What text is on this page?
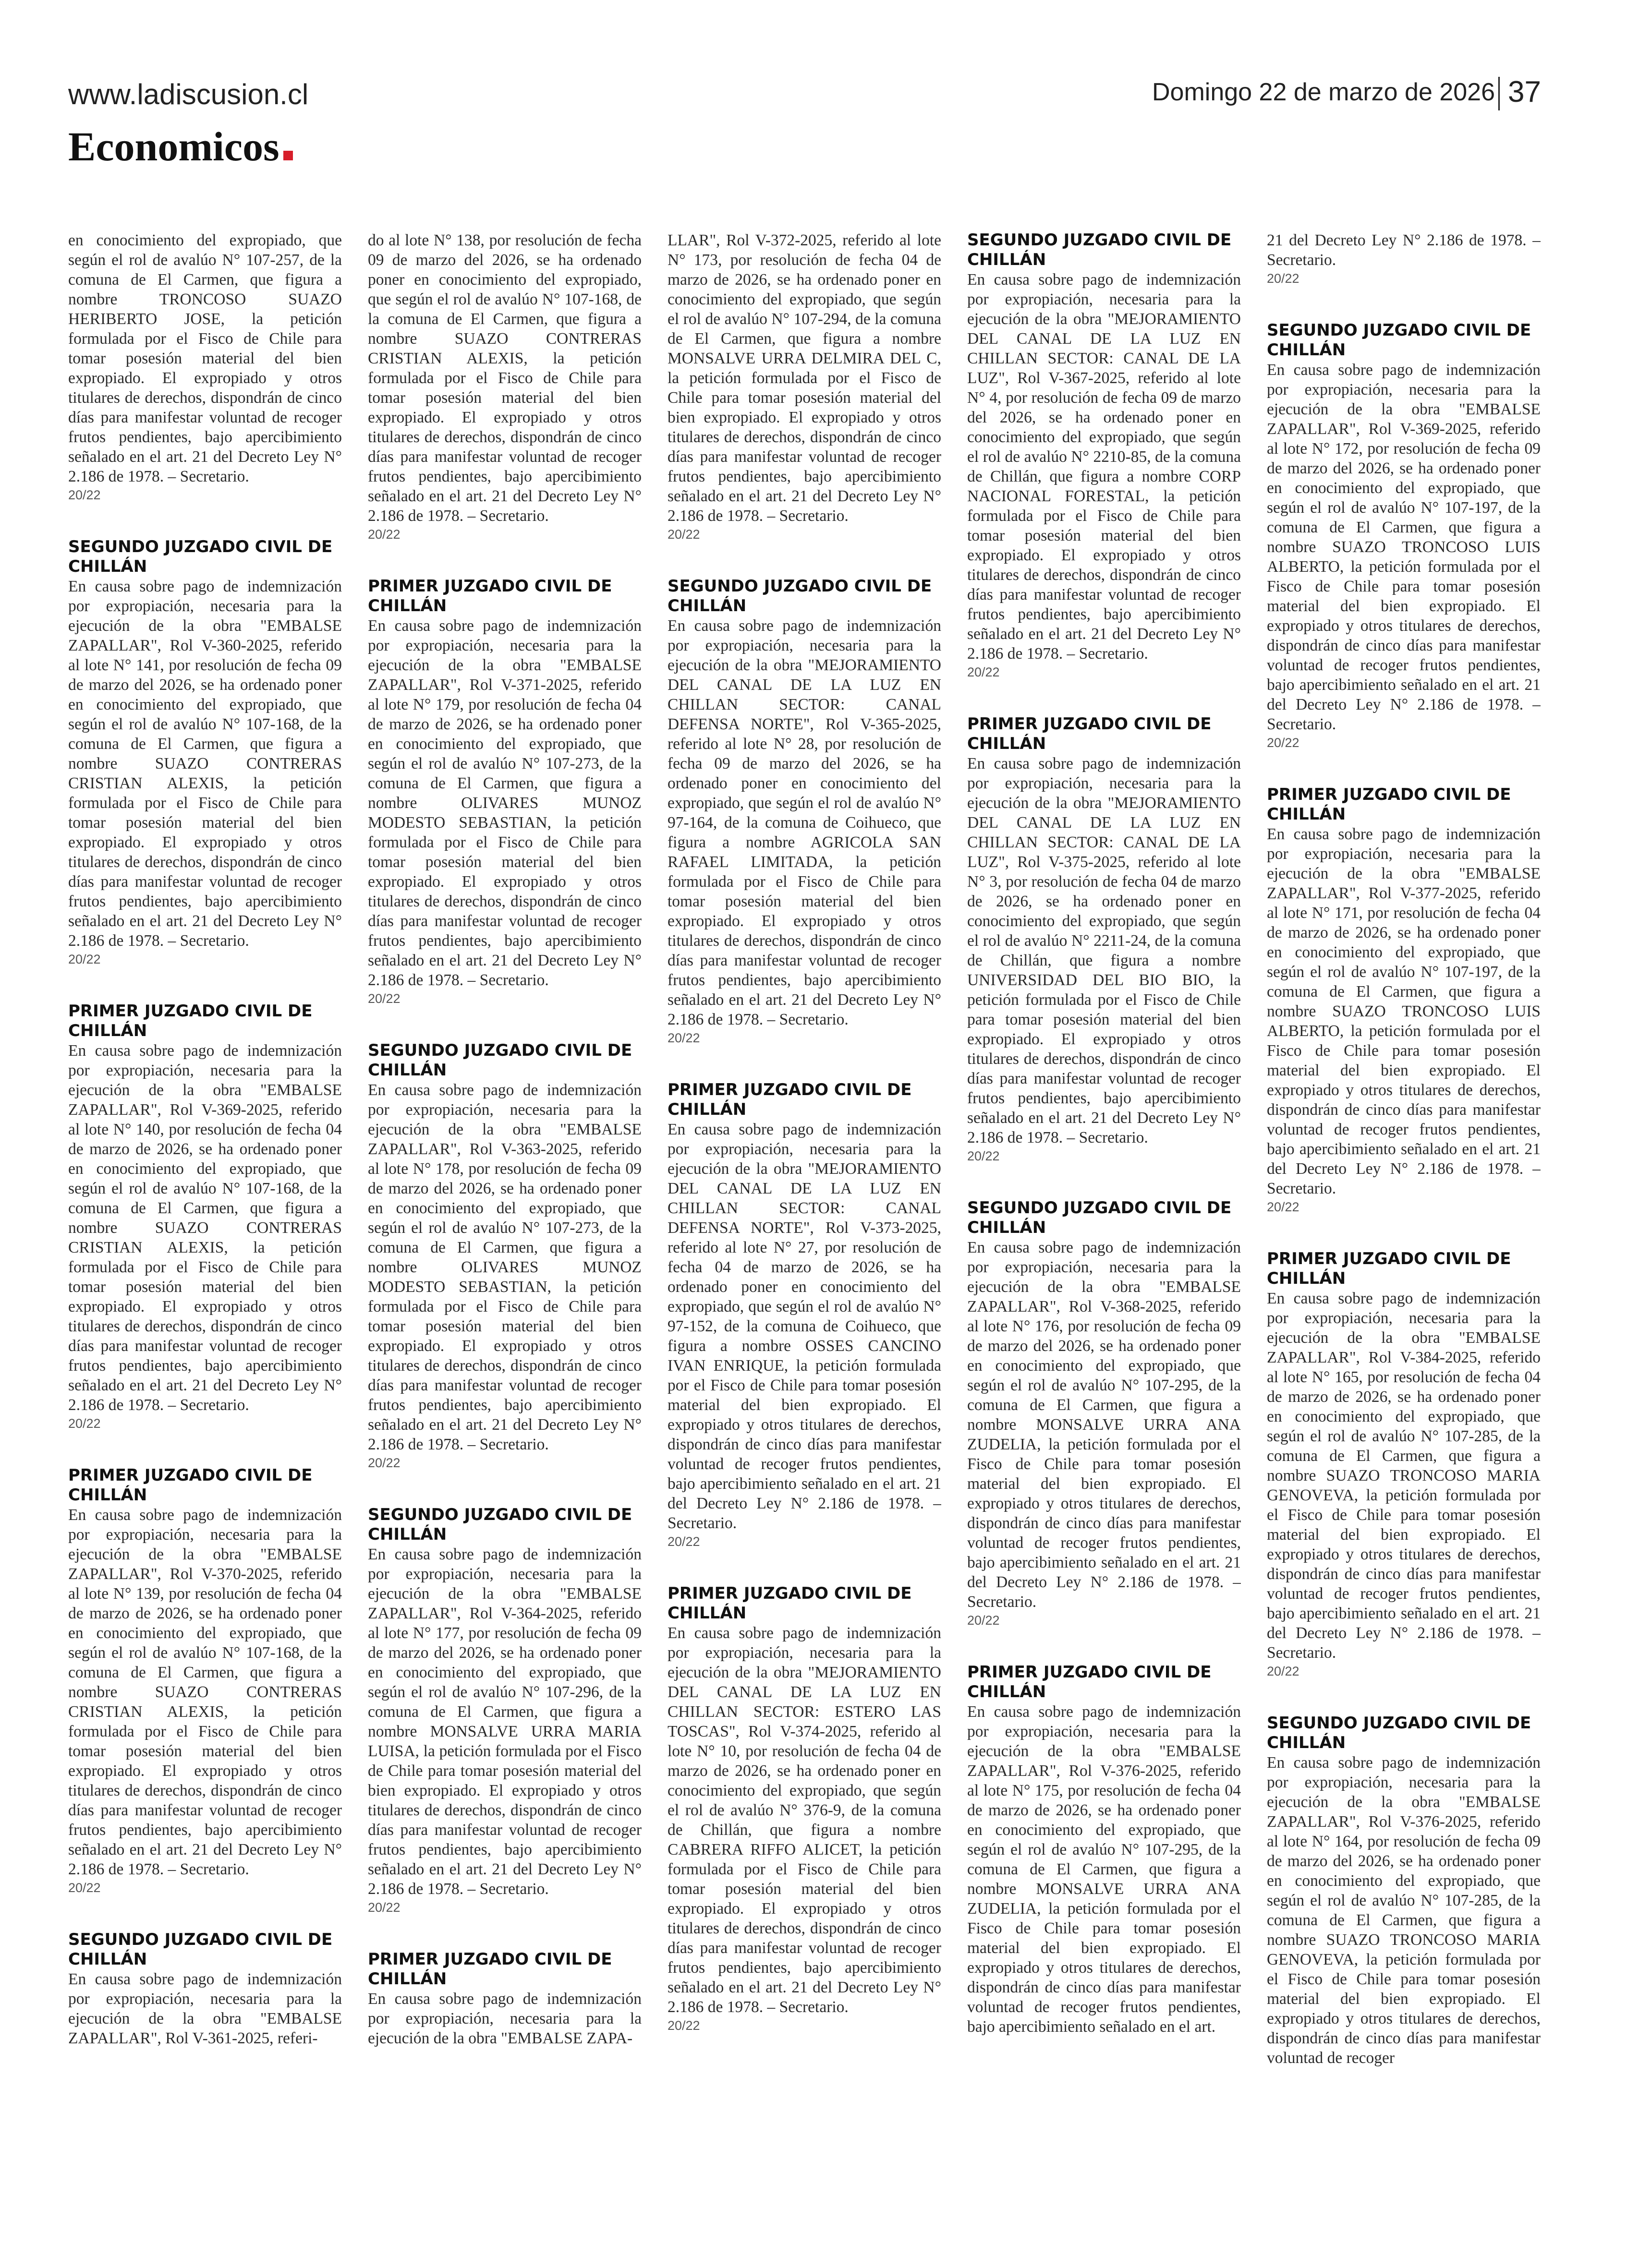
www.ladiscusion.cl	Domingo 22 de marzo de 2026 37
Economicos
en conocimiento del expropiado, que según el rol de avalúo N° 107-257, de la comuna de El Carmen, que figura a nombre TRONCOSO SUAZO HERIBERTO JOSE, la petición formulada por el Fisco de Chile para tomar posesión material del bien expropiado. El expropiado y otros titulares de derechos, dispondrán de cinco días para manifestar voluntad de recoger frutos pendientes, bajo apercibimiento señalado en el art. 21 del Decreto Ley N° 2.186 de 1978. – Secretario.
20/22
SEGUNDO JUZGADO CIVIL DE CHILLÁN
En causa sobre pago de indemnización por expropiación, necesaria para la ejecución de la obra "EMBALSE ZAPALLAR", Rol V-360-2025, referido al lote N° 141, por resolución de fecha 09 de marzo del 2026, se ha ordenado poner en conocimiento del expropiado, que según el rol de avalúo N° 107-168, de la comuna de El Carmen, que figura a nombre SUAZO CONTRERAS CRISTIAN ALEXIS, la petición formulada por el Fisco de Chile para tomar posesión material del bien expropiado. El expropiado y otros titulares de derechos, dispondrán de cinco días para manifestar voluntad de recoger frutos pendientes, bajo apercibimiento señalado en el art. 21 del Decreto Ley N° 2.186 de 1978. – Secretario.
20/22
PRIMER JUZGADO CIVIL DE CHILLÁN
En causa sobre pago de indemnización por expropiación, necesaria para la ejecución de la obra "EMBALSE ZAPALLAR", Rol V-369-2025, referido al lote N° 140, por resolución de fecha 04 de marzo de 2026, se ha ordenado poner en conocimiento del expropiado, que según el rol de avalúo N° 107-168, de la comuna de El Carmen, que figura a nombre SUAZO CONTRERAS CRISTIAN ALEXIS, la petición formulada por el Fisco de Chile para tomar posesión material del bien expropiado. El expropiado y otros titulares de derechos, dispondrán de cinco días para manifestar voluntad de recoger frutos pendientes, bajo apercibimiento señalado en el art. 21 del Decreto Ley N° 2.186 de 1978. – Secretario.
20/22
PRIMER JUZGADO CIVIL DE CHILLÁN
En causa sobre pago de indemnización por expropiación, necesaria para la ejecución de la obra "EMBALSE ZAPALLAR", Rol V-370-2025, referido al lote N° 139, por resolución de fecha 04 de marzo de 2026, se ha ordenado poner en conocimiento del expropiado, que según el rol de avalúo N° 107-168, de la comuna de El Carmen, que figura a nombre SUAZO CONTRERAS CRISTIAN ALEXIS, la petición formulada por el Fisco de Chile para tomar posesión material del bien expropiado. El expropiado y otros titulares de derechos, dispondrán de cinco días para manifestar voluntad de recoger frutos pendientes, bajo apercibimiento señalado en el art. 21 del Decreto Ley N° 2.186 de 1978. – Secretario.
20/22
SEGUNDO JUZGADO CIVIL DE CHILLÁN
En causa sobre pago de indemnización por expropiación, necesaria para la ejecución de la obra "EMBALSE ZAPALLAR", Rol V-361-2025, referi-
do al lote N° 138, por resolución de fecha 09 de marzo del 2026, se ha ordenado poner en conocimiento del expropiado, que según el rol de avalúo N° 107-168, de la comuna de El Carmen, que figura a nombre SUAZO CONTRERAS CRISTIAN ALEXIS, la petición formulada por el Fisco de Chile para tomar posesión material del bien expropiado. El expropiado y otros titulares de derechos, dispondrán de cinco días para manifestar voluntad de recoger frutos pendientes, bajo apercibimiento señalado en el art. 21 del Decreto Ley N° 2.186 de 1978. – Secretario.
20/22
PRIMER JUZGADO CIVIL DE CHILLÁN
En causa sobre pago de indemnización por expropiación, necesaria para la ejecución de la obra "EMBALSE ZAPALLAR", Rol V-371-2025, referido al lote N° 179, por resolución de fecha 04 de marzo de 2026, se ha ordenado poner en conocimiento del expropiado, que según el rol de avalúo N° 107-273, de la comuna de El Carmen, que figura a nombre OLIVARES MUNOZ MODESTO SEBASTIAN, la petición formulada por el Fisco de Chile para tomar posesión material del bien expropiado. El expropiado y otros titulares de derechos, dispondrán de cinco días para manifestar voluntad de recoger frutos pendientes, bajo apercibimiento señalado en el art. 21 del Decreto Ley N° 2.186 de 1978. – Secretario.
20/22
SEGUNDO JUZGADO CIVIL DE CHILLÁN
En causa sobre pago de indemnización por expropiación, necesaria para la ejecución de la obra "EMBALSE ZAPALLAR", Rol V-363-2025, referido al lote N° 178, por resolución de fecha 09 de marzo del 2026, se ha ordenado poner en conocimiento del expropiado, que según el rol de avalúo N° 107-273, de la comuna de El Carmen, que figura a nombre OLIVARES MUNOZ MODESTO SEBASTIAN, la petición formulada por el Fisco de Chile para tomar posesión material del bien expropiado. El expropiado y otros titulares de derechos, dispondrán de cinco días para manifestar voluntad de recoger frutos pendientes, bajo apercibimiento señalado en el art. 21 del Decreto Ley N° 2.186 de 1978. – Secretario.
20/22
SEGUNDO JUZGADO CIVIL DE CHILLÁN
En causa sobre pago de indemnización por expropiación, necesaria para la ejecución de la obra "EMBALSE ZAPALLAR", Rol V-364-2025, referido al lote N° 177, por resolución de fecha 09 de marzo del 2026, se ha ordenado poner en conocimiento del expropiado, que según el rol de avalúo N° 107-296, de la comuna de El Carmen, que figura a nombre MONSALVE URRA MARIA LUISA, la petición formulada por el Fisco de Chile para tomar posesión material del bien expropiado. El expropiado y otros titulares de derechos, dispondrán de cinco días para manifestar voluntad de recoger frutos pendientes, bajo apercibimiento señalado en el art. 21 del Decreto Ley N° 2.186 de 1978. – Secretario.
20/22
PRIMER JUZGADO CIVIL DE CHILLÁN
En causa sobre pago de indemnización por expropiación, necesaria para la ejecución de la obra "EMBALSE ZAPA-
LLAR", Rol V-372-2025, referido al lote N° 173, por resolución de fecha 04 de marzo de 2026, se ha ordenado poner en conocimiento del expropiado, que según el rol de avalúo N° 107-294, de la comuna de El Carmen, que figura a nombre MONSALVE URRA DELMIRA DEL C, la petición formulada por el Fisco de Chile para tomar posesión material del bien expropiado. El expropiado y otros titulares de derechos, dispondrán de cinco días para manifestar voluntad de recoger frutos pendientes, bajo apercibimiento señalado en el art. 21 del Decreto Ley N° 2.186 de 1978. – Secretario.
20/22
SEGUNDO JUZGADO CIVIL DE CHILLÁN
En causa sobre pago de indemnización por expropiación, necesaria para la ejecución de la obra "MEJORAMIENTO DEL CANAL DE LA LUZ EN CHILLAN SECTOR: CANAL DEFENSA NORTE", Rol V-365-2025, referido al lote N° 28, por resolución de fecha 09 de marzo del 2026, se ha ordenado poner en conocimiento del expropiado, que según el rol de avalúo N° 97-164, de la comuna de Coihueco, que figura a nombre AGRICOLA SAN RAFAEL LIMITADA, la petición formulada por el Fisco de Chile para tomar posesión material del bien expropiado. El expropiado y otros titulares de derechos, dispondrán de cinco días para manifestar voluntad de recoger frutos pendientes, bajo apercibimiento señalado en el art. 21 del Decreto Ley N° 2.186 de 1978. – Secretario.
20/22
PRIMER JUZGADO CIVIL DE CHILLÁN
En causa sobre pago de indemnización por expropiación, necesaria para la ejecución de la obra "MEJORAMIENTO DEL CANAL DE LA LUZ EN CHILLAN SECTOR: CANAL DEFENSA NORTE", Rol V-373-2025, referido al lote N° 27, por resolución de fecha 04 de marzo de 2026, se ha ordenado poner en conocimiento del expropiado, que según el rol de avalúo N° 97-152, de la comuna de Coihueco, que figura a nombre OSSES CANCINO IVAN ENRIQUE, la petición formulada por el Fisco de Chile para tomar posesión material del bien expropiado. El expropiado y otros titulares de derechos, dispondrán de cinco días para manifestar voluntad de recoger frutos pendientes, bajo apercibimiento señalado en el art. 21 del Decreto Ley N° 2.186 de 1978. – Secretario.
20/22
PRIMER JUZGADO CIVIL DE CHILLÁN
En causa sobre pago de indemnización por expropiación, necesaria para la ejecución de la obra "MEJORAMIENTO DEL CANAL DE LA LUZ EN CHILLAN SECTOR: ESTERO LAS TOSCAS", Rol V-374-2025, referido al lote N° 10, por resolución de fecha 04 de marzo de 2026, se ha ordenado poner en conocimiento del expropiado, que según el rol de avalúo N° 376-9, de la comuna de Chillán, que figura a nombre CABRERA RIFFO ALICET, la petición formulada por el Fisco de Chile para tomar posesión material del bien expropiado. El expropiado y otros titulares de derechos, dispondrán de cinco días para manifestar voluntad de recoger frutos pendientes, bajo apercibimiento señalado en el art. 21 del Decreto Ley N° 2.186 de 1978. – Secretario.
20/22
SEGUNDO JUZGADO CIVIL DE CHILLÁN
En causa sobre pago de indemnización por expropiación, necesaria para la ejecución de la obra "MEJORAMIENTO DEL CANAL DE LA LUZ EN CHILLAN SECTOR: CANAL DE LA LUZ", Rol V-367-2025, referido al lote N° 4, por resolución de fecha 09 de marzo del 2026, se ha ordenado poner en conocimiento del expropiado, que según el rol de avalúo N° 2210-85, de la comuna de Chillán, que figura a nombre CORP NACIONAL FORESTAL, la petición formulada por el Fisco de Chile para tomar posesión material del bien expropiado. El expropiado y otros titulares de derechos, dispondrán de cinco días para manifestar voluntad de recoger frutos pendientes, bajo apercibimiento señalado en el art. 21 del Decreto Ley N° 2.186 de 1978. – Secretario.
20/22
PRIMER JUZGADO CIVIL DE CHILLÁN
En causa sobre pago de indemnización por expropiación, necesaria para la ejecución de la obra "MEJORAMIENTO DEL CANAL DE LA LUZ EN CHILLAN SECTOR: CANAL DE LA LUZ", Rol V-375-2025, referido al lote N° 3, por resolución de fecha 04 de marzo de 2026, se ha ordenado poner en conocimiento del expropiado, que según el rol de avalúo N° 2211-24, de la comuna de Chillán, que figura a nombre UNIVERSIDAD DEL BIO BIO, la petición formulada por el Fisco de Chile para tomar posesión material del bien expropiado. El expropiado y otros titulares de derechos, dispondrán de cinco días para manifestar voluntad de recoger frutos pendientes, bajo apercibimiento señalado en el art. 21 del Decreto Ley N° 2.186 de 1978. – Secretario.
20/22
SEGUNDO JUZGADO CIVIL DE CHILLÁN
En causa sobre pago de indemnización por expropiación, necesaria para la ejecución de la obra "EMBALSE ZAPALLAR", Rol V-368-2025, referido al lote N° 176, por resolución de fecha 09 de marzo del 2026, se ha ordenado poner en conocimiento del expropiado, que según el rol de avalúo N° 107-295, de la comuna de El Carmen, que figura a nombre MONSALVE URRA ANA ZUDELIA, la petición formulada por el Fisco de Chile para tomar posesión material del bien expropiado. El expropiado y otros titulares de derechos, dispondrán de cinco días para manifestar voluntad de recoger frutos pendientes, bajo apercibimiento señalado en el art. 21 del Decreto Ley N° 2.186 de 1978. – Secretario.
20/22
PRIMER JUZGADO CIVIL DE CHILLÁN
En causa sobre pago de indemnización por expropiación, necesaria para la ejecución de la obra "EMBALSE ZAPALLAR", Rol V-376-2025, referido al lote N° 175, por resolución de fecha 04 de marzo de 2026, se ha ordenado poner en conocimiento del expropiado, que según el rol de avalúo N° 107-295, de la comuna de El Carmen, que figura a nombre MONSALVE URRA ANA ZUDELIA, la petición formulada por el Fisco de Chile para tomar posesión material del bien expropiado. El expropiado y otros titulares de derechos, dispondrán de cinco días para manifestar voluntad de recoger frutos pendientes, bajo apercibimiento señalado en el art.
21 del Decreto Ley N° 2.186 de 1978. – Secretario.
20/22
SEGUNDO JUZGADO CIVIL DE CHILLÁN
En causa sobre pago de indemnización por expropiación, necesaria para la ejecución de la obra "EMBALSE ZAPALLAR", Rol V-369-2025, referido al lote N° 172, por resolución de fecha 09 de marzo del 2026, se ha ordenado poner en conocimiento del expropiado, que según el rol de avalúo N° 107-197, de la comuna de El Carmen, que figura a nombre SUAZO TRONCOSO LUIS ALBERTO, la petición formulada por el Fisco de Chile para tomar posesión material del bien expropiado. El expropiado y otros titulares de derechos, dispondrán de cinco días para manifestar voluntad de recoger frutos pendientes, bajo apercibimiento señalado en el art. 21 del Decreto Ley N° 2.186 de 1978. – Secretario.
20/22
PRIMER JUZGADO CIVIL DE CHILLÁN
En causa sobre pago de indemnización por expropiación, necesaria para la ejecución de la obra "EMBALSE ZAPALLAR", Rol V-377-2025, referido al lote N° 171, por resolución de fecha 04 de marzo de 2026, se ha ordenado poner en conocimiento del expropiado, que según el rol de avalúo N° 107-197, de la comuna de El Carmen, que figura a nombre SUAZO TRONCOSO LUIS ALBERTO, la petición formulada por el Fisco de Chile para tomar posesión material del bien expropiado. El expropiado y otros titulares de derechos, dispondrán de cinco días para manifestar voluntad de recoger frutos pendientes, bajo apercibimiento señalado en el art. 21 del Decreto Ley N° 2.186 de 1978. – Secretario.
20/22
PRIMER JUZGADO CIVIL DE CHILLÁN
En causa sobre pago de indemnización por expropiación, necesaria para la ejecución de la obra "EMBALSE ZAPALLAR", Rol V-384-2025, referido al lote N° 165, por resolución de fecha 04 de marzo de 2026, se ha ordenado poner en conocimiento del expropiado, que según el rol de avalúo N° 107-285, de la comuna de El Carmen, que figura a nombre SUAZO TRONCOSO MARIA GENOVEVA, la petición formulada por el Fisco de Chile para tomar posesión material del bien expropiado. El expropiado y otros titulares de derechos, dispondrán de cinco días para manifestar voluntad de recoger frutos pendientes, bajo apercibimiento señalado en el art. 21 del Decreto Ley N° 2.186 de 1978. – Secretario.
20/22
SEGUNDO JUZGADO CIVIL DE CHILLÁN
En causa sobre pago de indemnización por expropiación, necesaria para la ejecución de la obra "EMBALSE ZAPALLAR", Rol V-376-2025, referido al lote N° 164, por resolución de fecha 09 de marzo del 2026, se ha ordenado poner en conocimiento del expropiado, que según el rol de avalúo N° 107-285, de la comuna de El Carmen, que figura a nombre SUAZO TRONCOSO MARIA GENOVEVA, la petición formulada por el Fisco de Chile para tomar posesión material del bien expropiado. El expropiado y otros titulares de derechos, dispondrán de cinco días para manifestar voluntad de recoger
